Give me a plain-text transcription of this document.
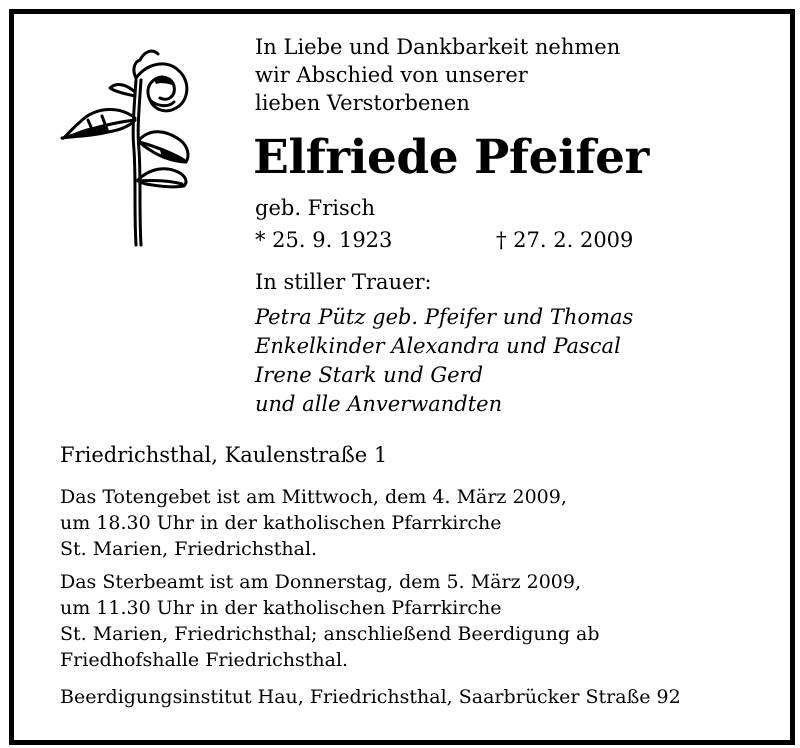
In Liebe und Dankbarkeit nehmen
wir Abschied von unserer
lieben Verstorbenen
Elfriede Pfeifer
geb. Frisch
* 25. 9. 1923	† 27. 2. 2009
In stiller Trauer:
Petra Pütz geb. Pfeifer und Thomas
Enkelkinder Alexandra und Pascal
Irene Stark und Gerd
und alle Anverwandten
Friedrichsthal, Kaulenstraße 1
Das Totengebet ist am Mittwoch, dem 4. März 2009,
um 18.30 Uhr in der katholischen Pfarrkirche
St. Marien, Friedrichsthal.
Das Sterbeamt ist am Donnerstag, dem 5. März 2009,
um 11.30 Uhr in der katholischen Pfarrkirche
St. Marien, Friedrichsthal; anschließend Beerdigung ab
Friedhofshalle Friedrichsthal.
Beerdigungsinstitut Hau, Friedrichsthal, Saarbrücker Straße 92
